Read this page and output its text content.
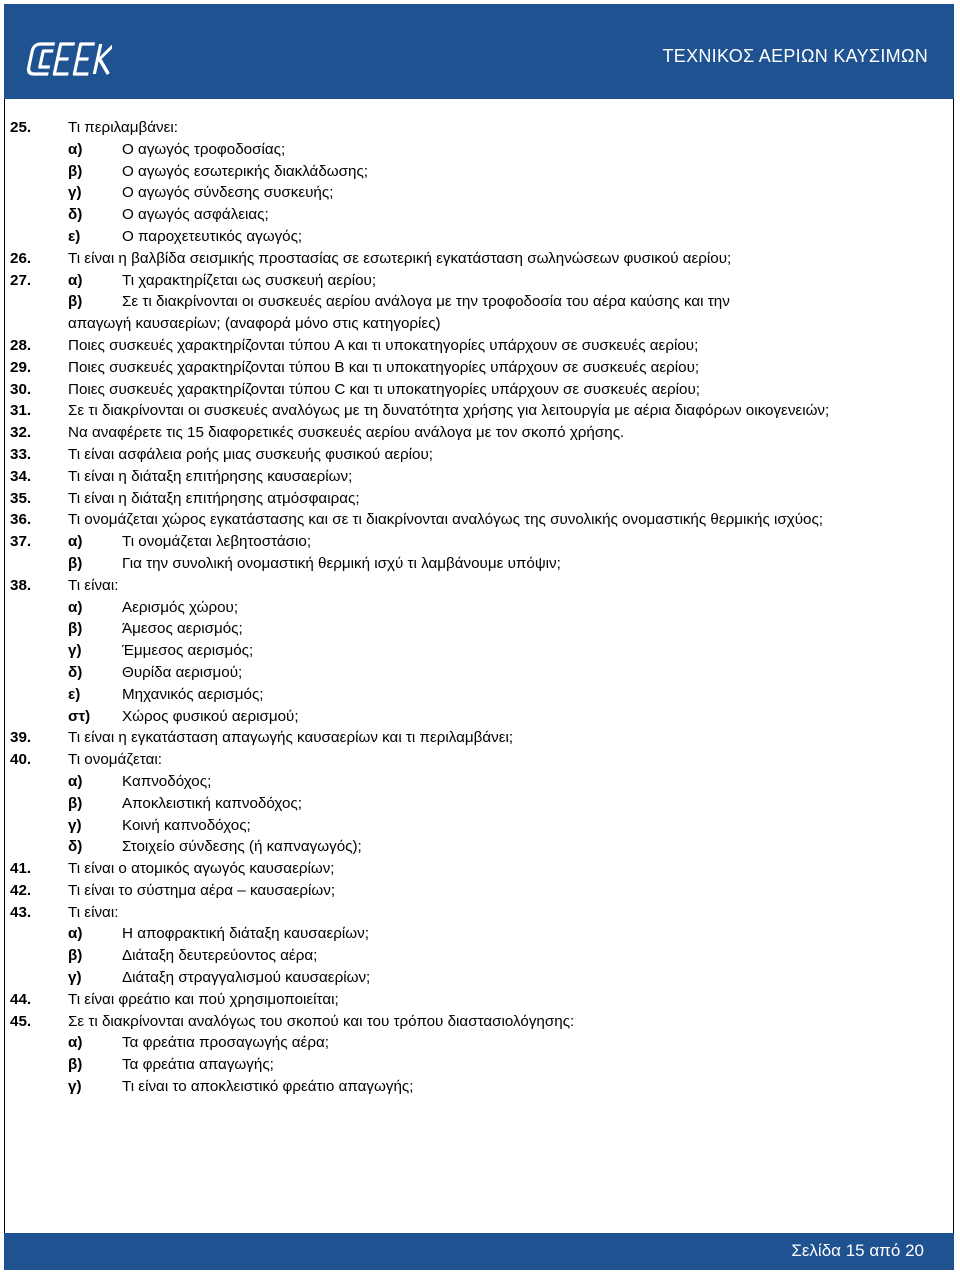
ΤΕΧΝΙΚΟΣ ΑΕΡΙΩΝ ΚΑΥΣΙΜΩΝ
25.	Τι περιλαμβάνει:
α)	Ο αγωγός τροφοδοσίας;
β)	Ο αγωγός εσωτερικής διακλάδωσης;
γ)	Ο αγωγός σύνδεσης συσκευής;
δ)	Ο αγωγός ασφάλειας;
ε)	Ο παροχετευτικός αγωγός;
26.	Τι είναι η βαλβίδα σεισμικής προστασίας σε εσωτερική εγκατάσταση σωληνώσεων φυσικού αερίου;
27.	α)	Τι χαρακτηρίζεται ως συσκευή αερίου;
β)	Σε τι διακρίνονται οι συσκευές αερίου ανάλογα με την τροφοδοσία του αέρα καύσης και την
απαγωγή καυσαερίων; (αναφορά μόνο στις κατηγορίες)
28.	Ποιες συσκευές χαρακτηρίζονται τύπου A και τι υποκατηγορίες υπάρχουν σε συσκευές αερίου;
29.	Ποιες συσκευές χαρακτηρίζονται τύπου B και τι υποκατηγορίες υπάρχουν σε συσκευές αερίου;
30.	Ποιες συσκευές χαρακτηρίζονται τύπου C και τι υποκατηγορίες υπάρχουν σε συσκευές αερίου;
31.	Σε τι διακρίνονται οι συσκευές αναλόγως με τη δυνατότητα χρήσης για λειτουργία με αέρια διαφόρων οικογενειών;
32.	Να αναφέρετε τις 15 διαφορετικές συσκευές αερίου ανάλογα με τον σκοπό χρήσης.
33.	Τι είναι ασφάλεια ροής μιας συσκευής φυσικού αερίου;
34.	Τι είναι η διάταξη επιτήρησης καυσαερίων;
35.	Τι είναι η διάταξη επιτήρησης ατμόσφαιρας;
36.	Τι ονομάζεται χώρος εγκατάστασης και σε τι διακρίνονται αναλόγως της συνολικής ονομαστικής θερμικής ισχύος;
37.	α)	Τι ονομάζεται λεβητοστάσιο;
β)	Για την συνολική ονομαστική θερμική ισχύ τι λαμβάνουμε υπόψιν;
38.	Τι είναι:
α)	Αερισμός χώρου;
β)	Άμεσος αερισμός;
γ)	Έμμεσος αερισμός;
δ)	Θυρίδα αερισμού;
ε)	Μηχανικός αερισμός;
στ)	Χώρος φυσικού αερισμού;
39.	Τι είναι η εγκατάσταση απαγωγής καυσαερίων και τι περιλαμβάνει;
40.	Τι ονομάζεται:
α)	Καπνοδόχος;
β)	Αποκλειστική καπνοδόχος;
γ)	Κοινή καπνοδόχος;
δ)	Στοιχείο σύνδεσης (ή καπναγωγός);
41.	Τι είναι ο ατομικός αγωγός καυσαερίων;
42.	Τι είναι το σύστημα αέρα – καυσαερίων;
43.	Τι είναι:
α)	Η αποφρακτική διάταξη καυσαερίων;
β)	Διάταξη δευτερεύοντος αέρα;
γ)	Διάταξη στραγγαλισμού καυσαερίων;
44.	Τι είναι φρεάτιο και πού χρησιμοποιείται;
45.	Σε τι διακρίνονται αναλόγως του σκοπού και του τρόπου διαστασιολόγησης:
α)	Τα φρεάτια προσαγωγής αέρα;
β)	Τα φρεάτια απαγωγής;
γ)	Τι είναι το αποκλειστικό φρεάτιο απαγωγής;
Σελίδα 15 από 20
